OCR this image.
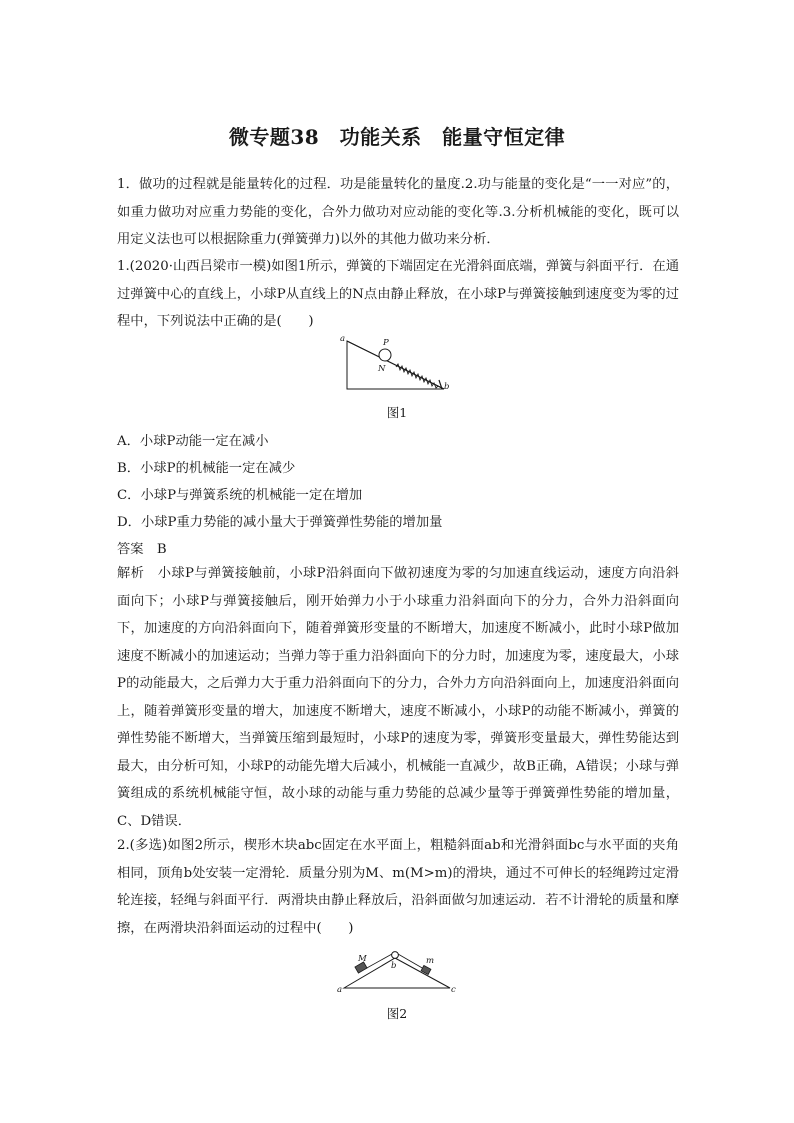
微专题38　功能关系　能量守恒定律
1．做功的过程就是能量转化的过程．功是能量转化的量度.2.功与能量的变化是“一一对应”的，如重力做功对应重力势能的变化，合外力做功对应动能的变化等.3.分析机械能的变化，既可以用定义法也可以根据除重力(弹簧弹力)以外的其他力做功来分析．
1.(2020·山西吕梁市一模)如图1所示，弹簧的下端固定在光滑斜面底端，弹簧与斜面平行．在通过弹簧中心的直线上，小球P从直线上的N点由静止释放，在小球P与弹簧接触到速度变为零的过程中，下列说法中正确的是(　　)
a	P
N
b
图1
A．小球P动能一定在减小
B．小球P的机械能一定在减少
C．小球P与弹簧系统的机械能一定在增加
D．小球P重力势能的减小量大于弹簧弹性势能的增加量
答案　B
解析　小球P与弹簧接触前，小球P沿斜面向下做初速度为零的匀加速直线运动，速度方向沿斜面向下；小球P与弹簧接触后，刚开始弹力小于小球重力沿斜面向下的分力，合外力沿斜面向下，加速度的方向沿斜面向下，随着弹簧形变量的不断增大，加速度不断减小，此时小球P做加速度不断减小的加速运动；当弹力等于重力沿斜面向下的分力时，加速度为零，速度最大，小球P的动能最大，之后弹力大于重力沿斜面向下的分力，合外力方向沿斜面向上，加速度沿斜面向上，随着弹簧形变量的增大，加速度不断增大，速度不断减小，小球P的动能不断减小，弹簧的弹性势能不断增大，当弹簧压缩到最短时，小球P的速度为零，弹簧形变量最大，弹性势能达到最大，由分析可知，小球P的动能先增大后减小，机械能一直减少，故B正确，A错误；小球与弹簧组成的系统机械能守恒，故小球的动能与重力势能的总减少量等于弹簧弹性势能的增加量，C、D错误．
2.(多选)如图2所示，楔形木块abc固定在水平面上，粗糙斜面ab和光滑斜面bc与水平面的夹角相同，顶角b处安装一定滑轮．质量分别为M、m(M>m)的滑块，通过不可伸长的轻绳跨过定滑轮连接，轻绳与斜面平行．两滑块由静止释放后，沿斜面做匀加速运动．若不计滑轮的质量和摩擦，在两滑块沿斜面运动的过程中(　　)
M	m
b
a	c
图2
